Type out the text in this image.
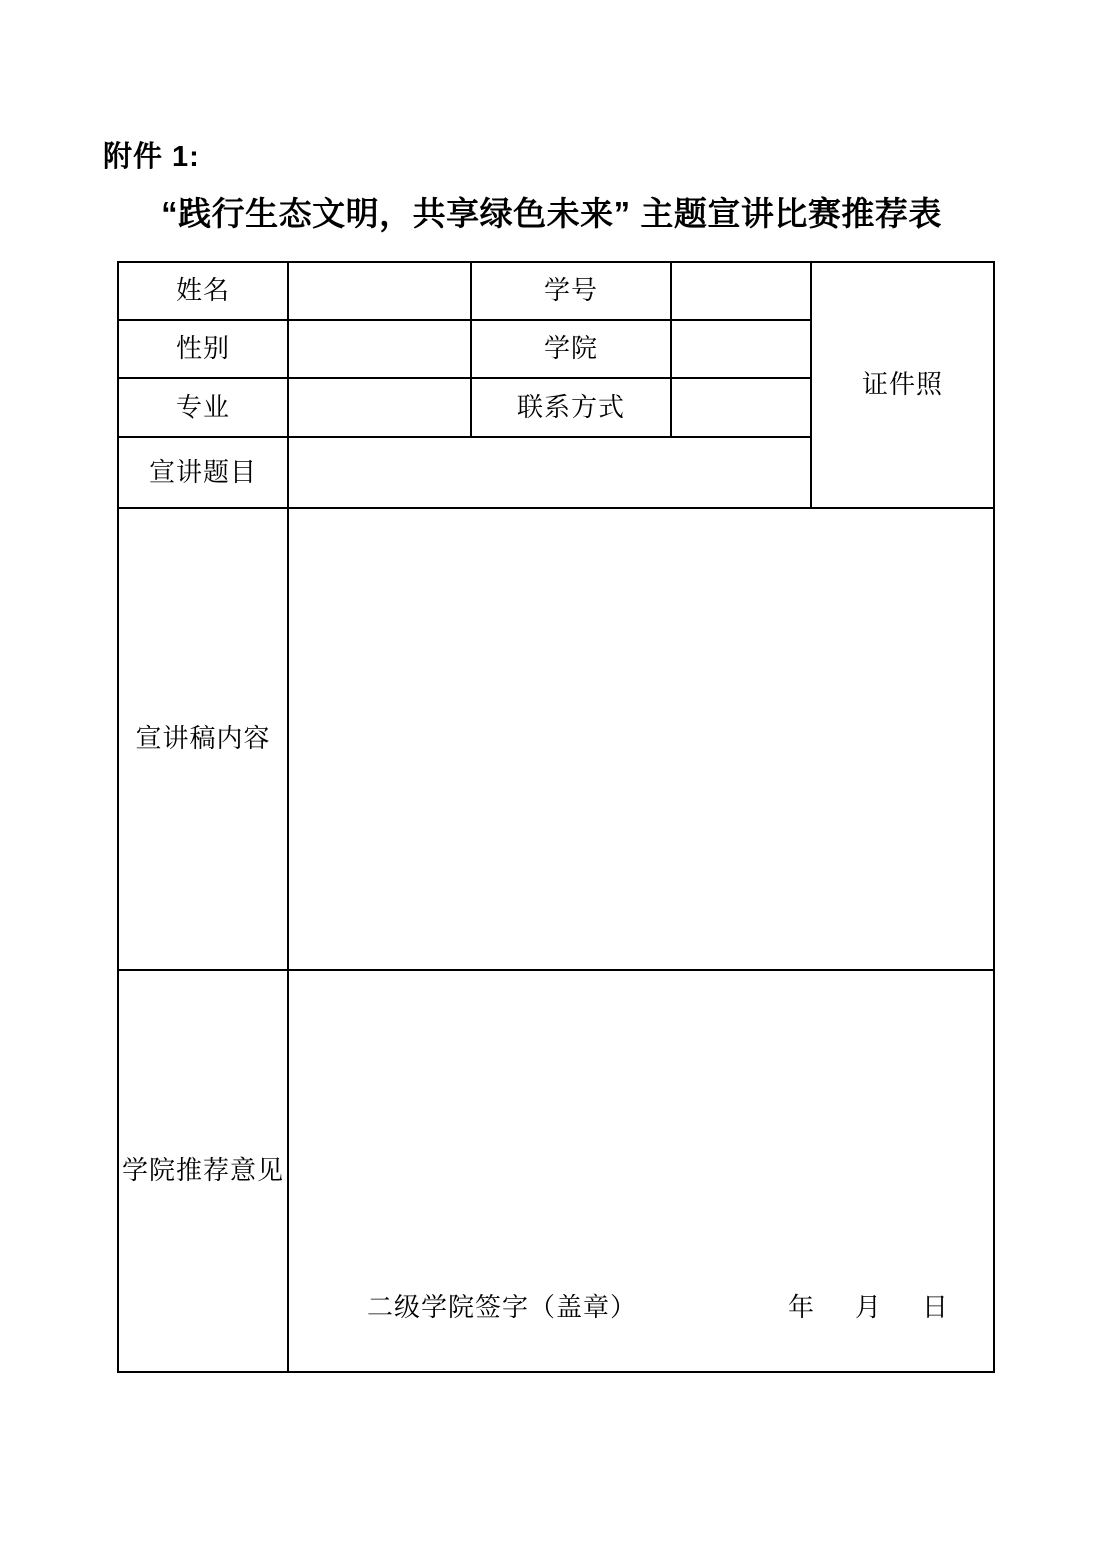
附件 1:
“践行生态文明，共享绿色未来” 主题宣讲比赛推荐表
姓名		学号		证件照
性别		学院		
专业		联系方式		
宣讲题目				
宣讲稿内容				
学院推荐意见	二级学院签字（盖章） 年 月 日			
